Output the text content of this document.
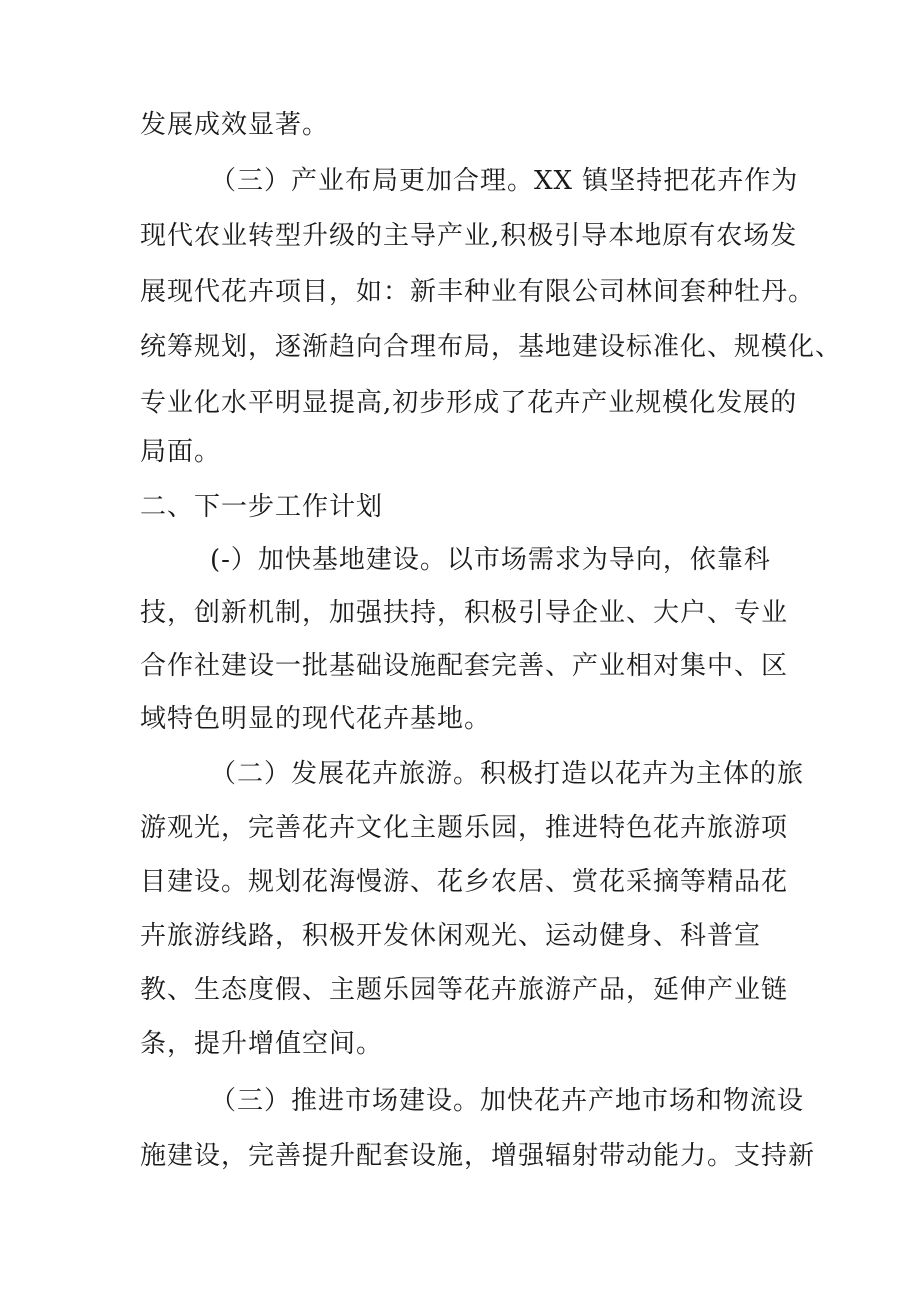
发展成效显著。
（三）产业布局更加合理。XX 镇坚持把花卉作为
现代农业转型升级的主导产业,积极引导本地原有农场发
展现代花卉项目，如：新丰种业有限公司林间套种牡丹。
统筹规划，逐渐趋向合理布局，基地建设标准化、规模化、
专业化水平明显提高,初步形成了花卉产业规模化发展的
局面。
二、下一步工作计划
(-）加快基地建设。以市场需求为导向，依靠科
技，创新机制，加强扶持，积极引导企业、大户、专业
合作社建设一批基础设施配套完善、产业相对集中、区
域特色明显的现代花卉基地。
（二）发展花卉旅游。积极打造以花卉为主体的旅
游观光，完善花卉文化主题乐园，推进特色花卉旅游项
目建设。规划花海慢游、花乡农居、赏花采摘等精品花
卉旅游线路，积极开发休闲观光、运动健身、科普宣
教、生态度假、主题乐园等花卉旅游产品，延伸产业链
条，提升增值空间。
（三）推进市场建设。加快花卉产地市场和物流设
施建设，完善提升配套设施，增强辐射带动能力。支持新
